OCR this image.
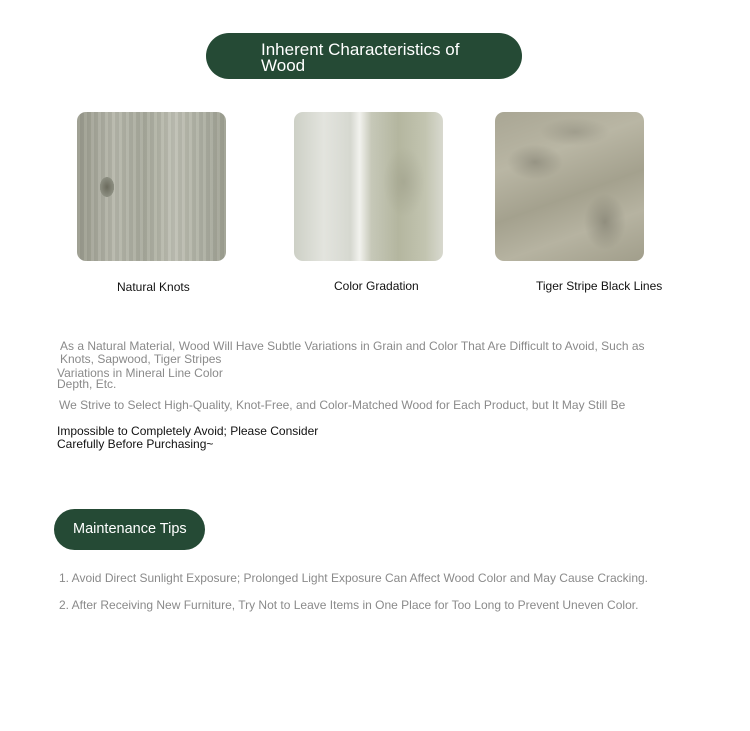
Inherent Characteristics of Wood
Natural Knots	Color Gradation	Tiger Stripe Black Lines
As a Natural Material, Wood Will Have Subtle Variations in Grain and Color That Are Difficult to Avoid, Such as
Knots, Sapwood, Tiger Stripes
Variations in Mineral Line Color
Depth, Etc.
We Strive to Select High-Quality, Knot-Free, and Color-Matched Wood for Each Product, but It May Still Be
Impossible to Completely Avoid; Please Consider
Carefully Before Purchasing~
Maintenance Tips
1. Avoid Direct Sunlight Exposure; Prolonged Light Exposure Can Affect Wood Color and May Cause Cracking.
2. After Receiving New Furniture, Try Not to Leave Items in One Place for Too Long to Prevent Uneven Color.
